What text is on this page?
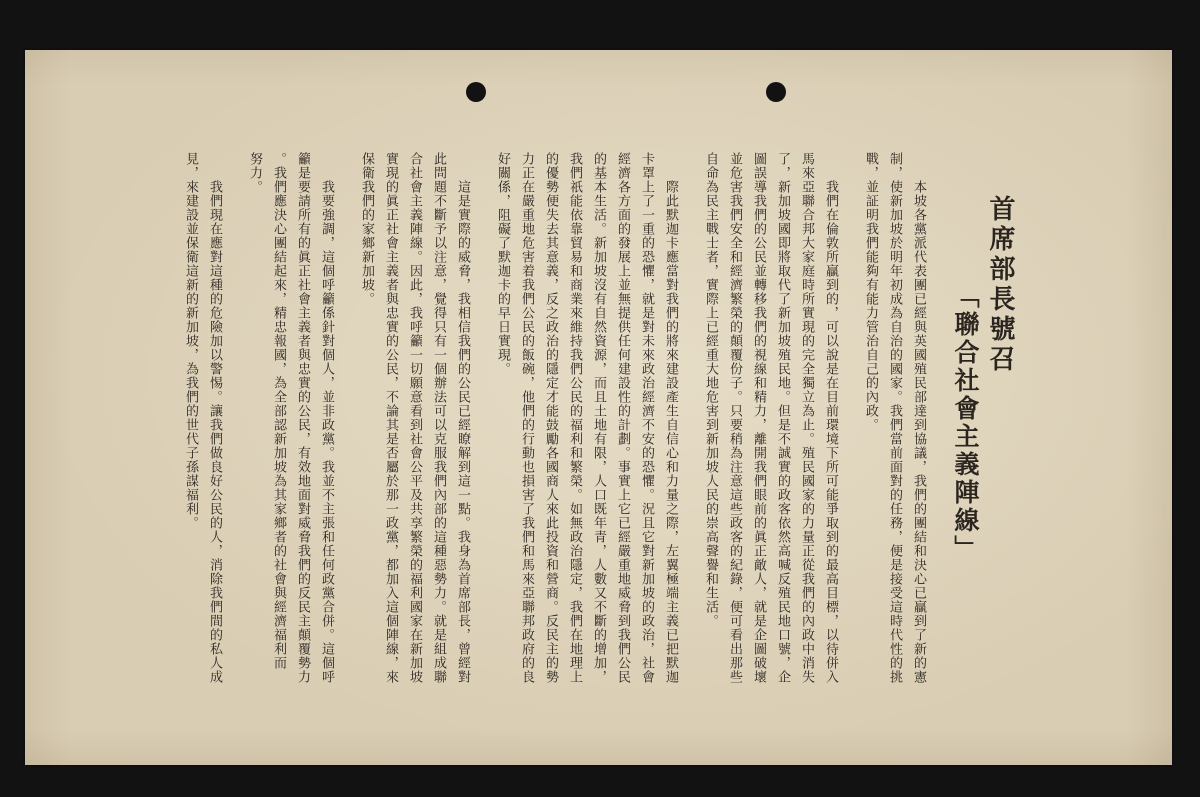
首席部長號召
「聯合社會主義陣線」
本坡各黨派代表團已經與英國殖民部達到協議，我們的團結和決心已贏到了新的憲
制，使新加坡於明年初成為自治的國家。我們當前面對的任務，便是接受這時代性的挑
戰，並証明我們能夠有能力管治自己的內政。
我們在倫敦所贏到的，可以說是在目前環境下所可能爭取到的最高目標，以待併入
馬來亞聯合邦大家庭時所實現的完全獨立為止。殖民國家的力量正從我們的內政中消失
了，新加坡國即將取代了新加坡殖民地。但是不誠實的政客依然高喊反殖民地口號，企
圖誤導我們的公民並轉移我們的視線和精力，離開我們眼前的眞正敵人，就是企圖破壞
並危害我們安全和經濟繁榮的顛覆份子。只要稍為注意這些政客的紀錄，便可看出那些
自命為民主戰士者，實際上已經重大地危害到新加坡人民的崇高聲譽和生活。
際此默迦卡應當對我們的將來建設產生自信心和力量之際，左翼極端主義已把默迦
卡罩上了一重的恐懼，就是對未來政治經濟不安的恐懼。況且它對新加坡的政治，社會
經濟各方面的發展上並無提供任何建設性的計劃。事實上它已經嚴重地威脅到我們公民
的基本生活。新加坡沒有自然資源，而且土地有限，人口既年青，人數又不斷的增加，
我們祇能依靠貿易和商業來維持我們公民的福利和繁榮。如無政治隱定，我們在地理上
的優勢便失去其意義，反之政治的隱定才能鼓勵各國商人來此投資和營商。反民主的勢
力正在嚴重地危害着我們公民的飯碗，他們的行動也損害了我們和馬來亞聯邦政府的良
好關係，阻礙了默迦卡的早日實現。
這是實際的威脅，我相信我們的公民已經瞭解到這一點。我身為首席部長，曾經對
此問題不斷予以注意，覺得只有一個辦法可以克服我們內部的這種惡勢力。就是組成聯
合社會主義陣線。因此，我呼籲一切願意看到社會公平及共享繁榮的福利國家在新加坡
實現的眞正社會主義者與忠實的公民，不論其是否屬於那一政黨，都加入這個陣線，來
保衛我們的家鄉新加坡。
我要強調，這個呼籲係針對個人，並非政黨。我並不主張和任何政黨合併。這個呼
籲是要請所有的眞正社會主義者與忠實的公民，有效地面對威脅我們的反民主顛覆勢力
。我們應決心團結起來，精忠報國，為全部認新加坡為其家鄉者的社會與經濟福利而
努力。
我們現在應對這種的危險加以警惕。讓我們做良好公民的人，消除我們間的私人成
見，來建設並保衛這新的新加坡，為我們的世代子孫謀福利。
